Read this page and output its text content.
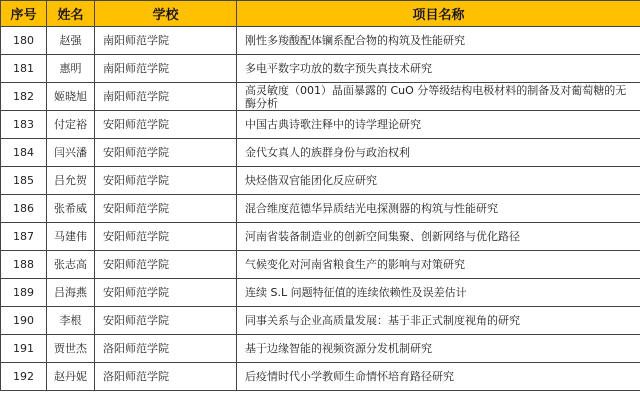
序号	姓名	学校	项目名称
180	赵强	南阳师范学院	刚性多羧酸配体镧系配合物的构筑及性能研究
181	惠明	南阳师范学院	多电平数字功放的数字预失真技术研究
182	姬晓旭	南阳师范学院	高灵敏度（001）晶面暴露的 CuO 分等级结构电极材料的制备及对葡萄糖的无酶分析
183	付定裕	安阳师范学院	中国古典诗歌注释中的诗学理论研究
184	闫兴潘	安阳师范学院	金代女真人的族群身份与政治权利
185	吕允贺	安阳师范学院	炔烃偕双官能团化反应研究
186	张希威	安阳师范学院	混合维度范德华异质结光电探测器的构筑与性能研究
187	马建伟	安阳师范学院	河南省装备制造业的创新空间集聚、创新网络与优化路径
188	张志高	安阳师范学院	气候变化对河南省粮食生产的影响与对策研究
189	吕海燕	安阳师范学院	连续 S.L 问题特征值的连续依赖性及误差估计
190	李根	安阳师范学院	同事关系与企业高质量发展：基于非正式制度视角的研究
191	贾世杰	洛阳师范学院	基于边缘智能的视频资源分发机制研究
192	赵丹妮	洛阳师范学院	后疫情时代小学教师生命情怀培育路径研究
